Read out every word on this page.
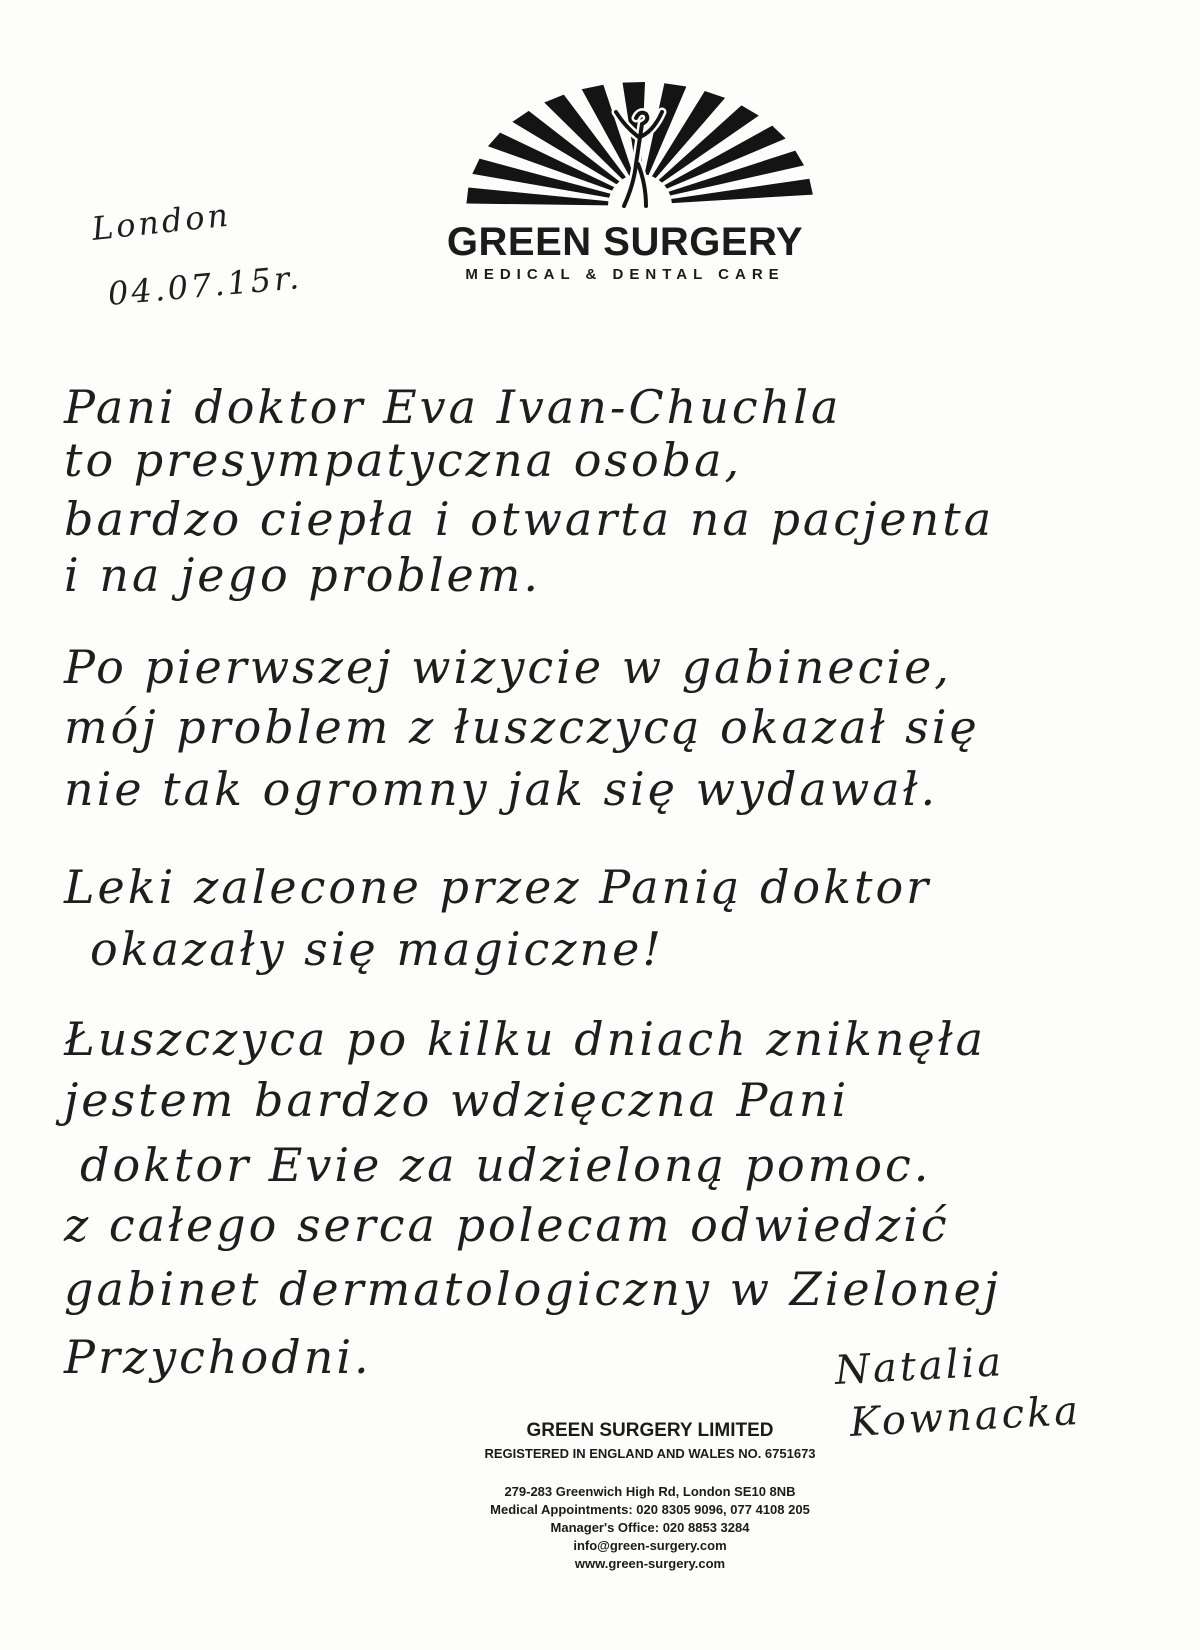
GREEN SURGERY
MEDICAL & DENTAL CARE
London
04.07.15r.
Pani doktor Eva Ivan-Chuchla
to presympatyczna osoba,
bardzo ciepła i otwarta na pacjenta
i na jego problem.
Po pierwszej wizycie w gabinecie,
mój problem z łuszczycą okazał się
nie tak ogromny jak się wydawał.
Leki zalecone przez Panią doktor
okazały się magiczne!
Łuszczyca po kilku dniach zniknęła
jestem bardzo wdzięczna Pani
doktor Evie za udzieloną pomoc.
z całego serca polecam odwiedzić
gabinet dermatologiczny w Zielonej
Przychodni.	Natalia
Kownacka
GREEN SURGERY LIMITED
REGISTERED IN ENGLAND AND WALES NO. 6751673
279-283 Greenwich High Rd, London SE10 8NB
Medical Appointments: 020 8305 9096, 077 4108 205
Manager's Office: 020 8853 3284
info@green-surgery.com
www.green-surgery.com
